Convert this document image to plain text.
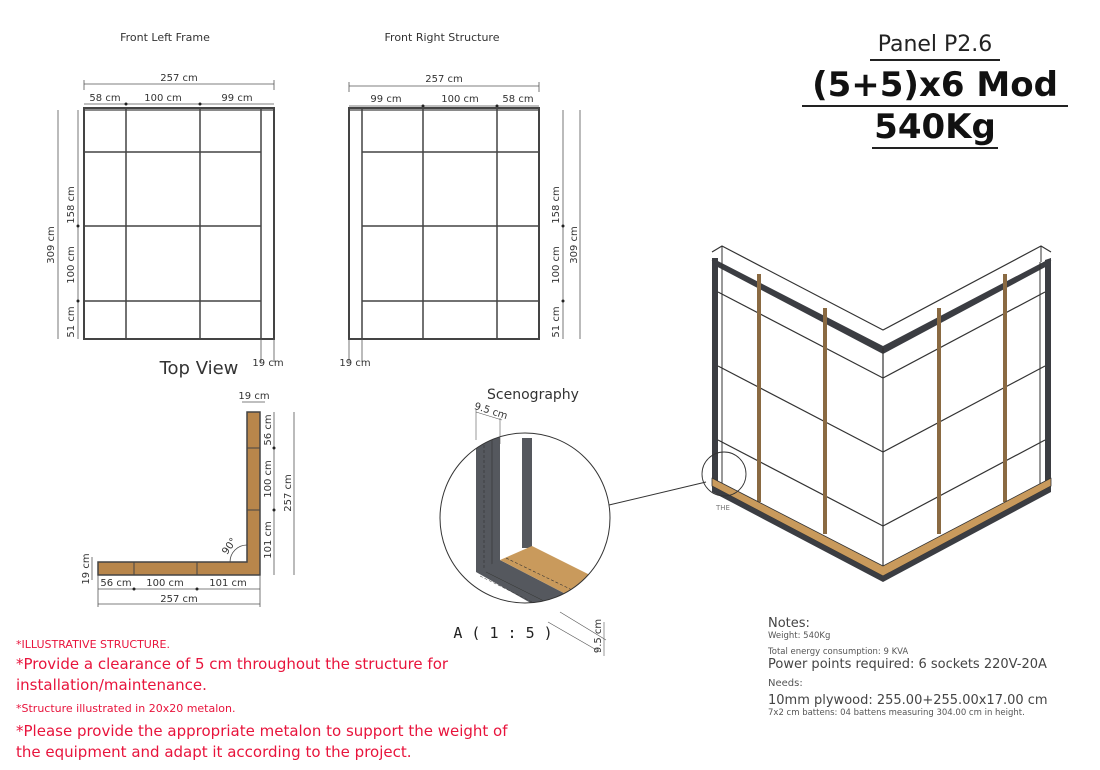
Front Left Frame
257 cm
58 cm 100 cm	99 cm
309 cm
158 cm
100 cm
51 cm
19 cm
Front Right Structure
257 cm
99 cm	100 cm 58 cm
158 cm
100 cm
51 cm
309 cm
19 cm
Top View
90°
19 cm
56 cm
100 cm
101 cm
257 cm
19 cm 56 cm 100 cm	101 cm
257 cm
Scenography
9.5 cm
9.5 cm
A ( 1 : 5 )
THE
Panel P2.6
(5+5)x6 Mod
540Kg
*ILLUSTRATIVE STRUCTURE.
*Provide a clearance of 5 cm throughout the structure for installation/maintenance.
*Structure illustrated in 20x20 metalon.
*Please provide the appropriate metalon to support the weight of the equipment and adapt it according to the project.
Notes:
Weight: 540Kg
Total energy consumption: 9 KVA
Power points required: 6 sockets 220V-20A
Needs:
10mm plywood: 255.00+255.00x17.00 cm
7x2 cm battens: 04 battens measuring 304.00 cm in height.
